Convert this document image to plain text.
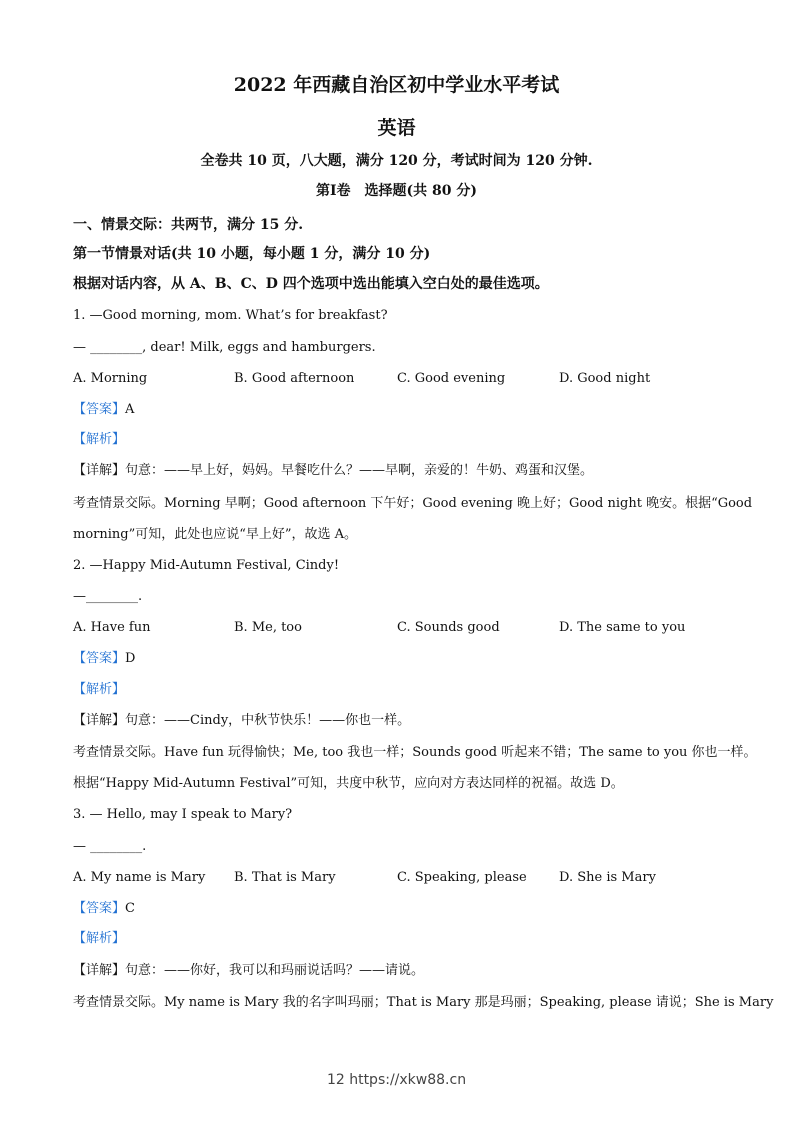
2022 年西藏自治区初中学业水平考试
英语
全卷共 10 页，八大题，满分 120 分，考试时间为 120 分钟.
第Ⅰ卷　选择题(共 80 分)
一、情景交际：共两节，满分 15 分.
第一节情景对话(共 10 小题，每小题 1 分，满分 10 分)
根据对话内容，从 A、B、C、D 四个选项中选出能填入空白处的最佳选项。
1. —Good morning, mom. What’s for breakfast?
— ________, dear! Milk, eggs and hamburgers.
A. Morning	B. Good afternoon	C. Good evening	D. Good night
【答案】A
【解析】
【详解】句意：——早上好，妈妈。早餐吃什么？——早啊，亲爱的！牛奶、鸡蛋和汉堡。
考查情景交际。Morning 早啊；Good afternoon 下午好；Good evening 晚上好；Good night 晚安。根据“Good
morning”可知，此处也应说“早上好”，故选 A。
2. —Happy Mid-Autumn Festival, Cindy!
—________.
A. Have fun	B. Me, too	C. Sounds good	D. The same to you
【答案】D
【解析】
【详解】句意：——Cindy，中秋节快乐！——你也一样。
考查情景交际。Have fun 玩得愉快；Me, too 我也一样；Sounds good 听起来不错；The same to you 你也一样。
根据“Happy Mid-Autumn Festival”可知，共度中秋节，应向对方表达同样的祝福。故选 D。
3. — Hello, may I speak to Mary?
— ________.
A. My name is Mary B. That is Mary	C. Speaking, please D. She is Mary
【答案】C
【解析】
【详解】句意：——你好，我可以和玛丽说话吗？——请说。
考查情景交际。My name is Mary 我的名字叫玛丽；That is Mary 那是玛丽；Speaking, please 请说；She is Mary
12 https://xkw88.cn
